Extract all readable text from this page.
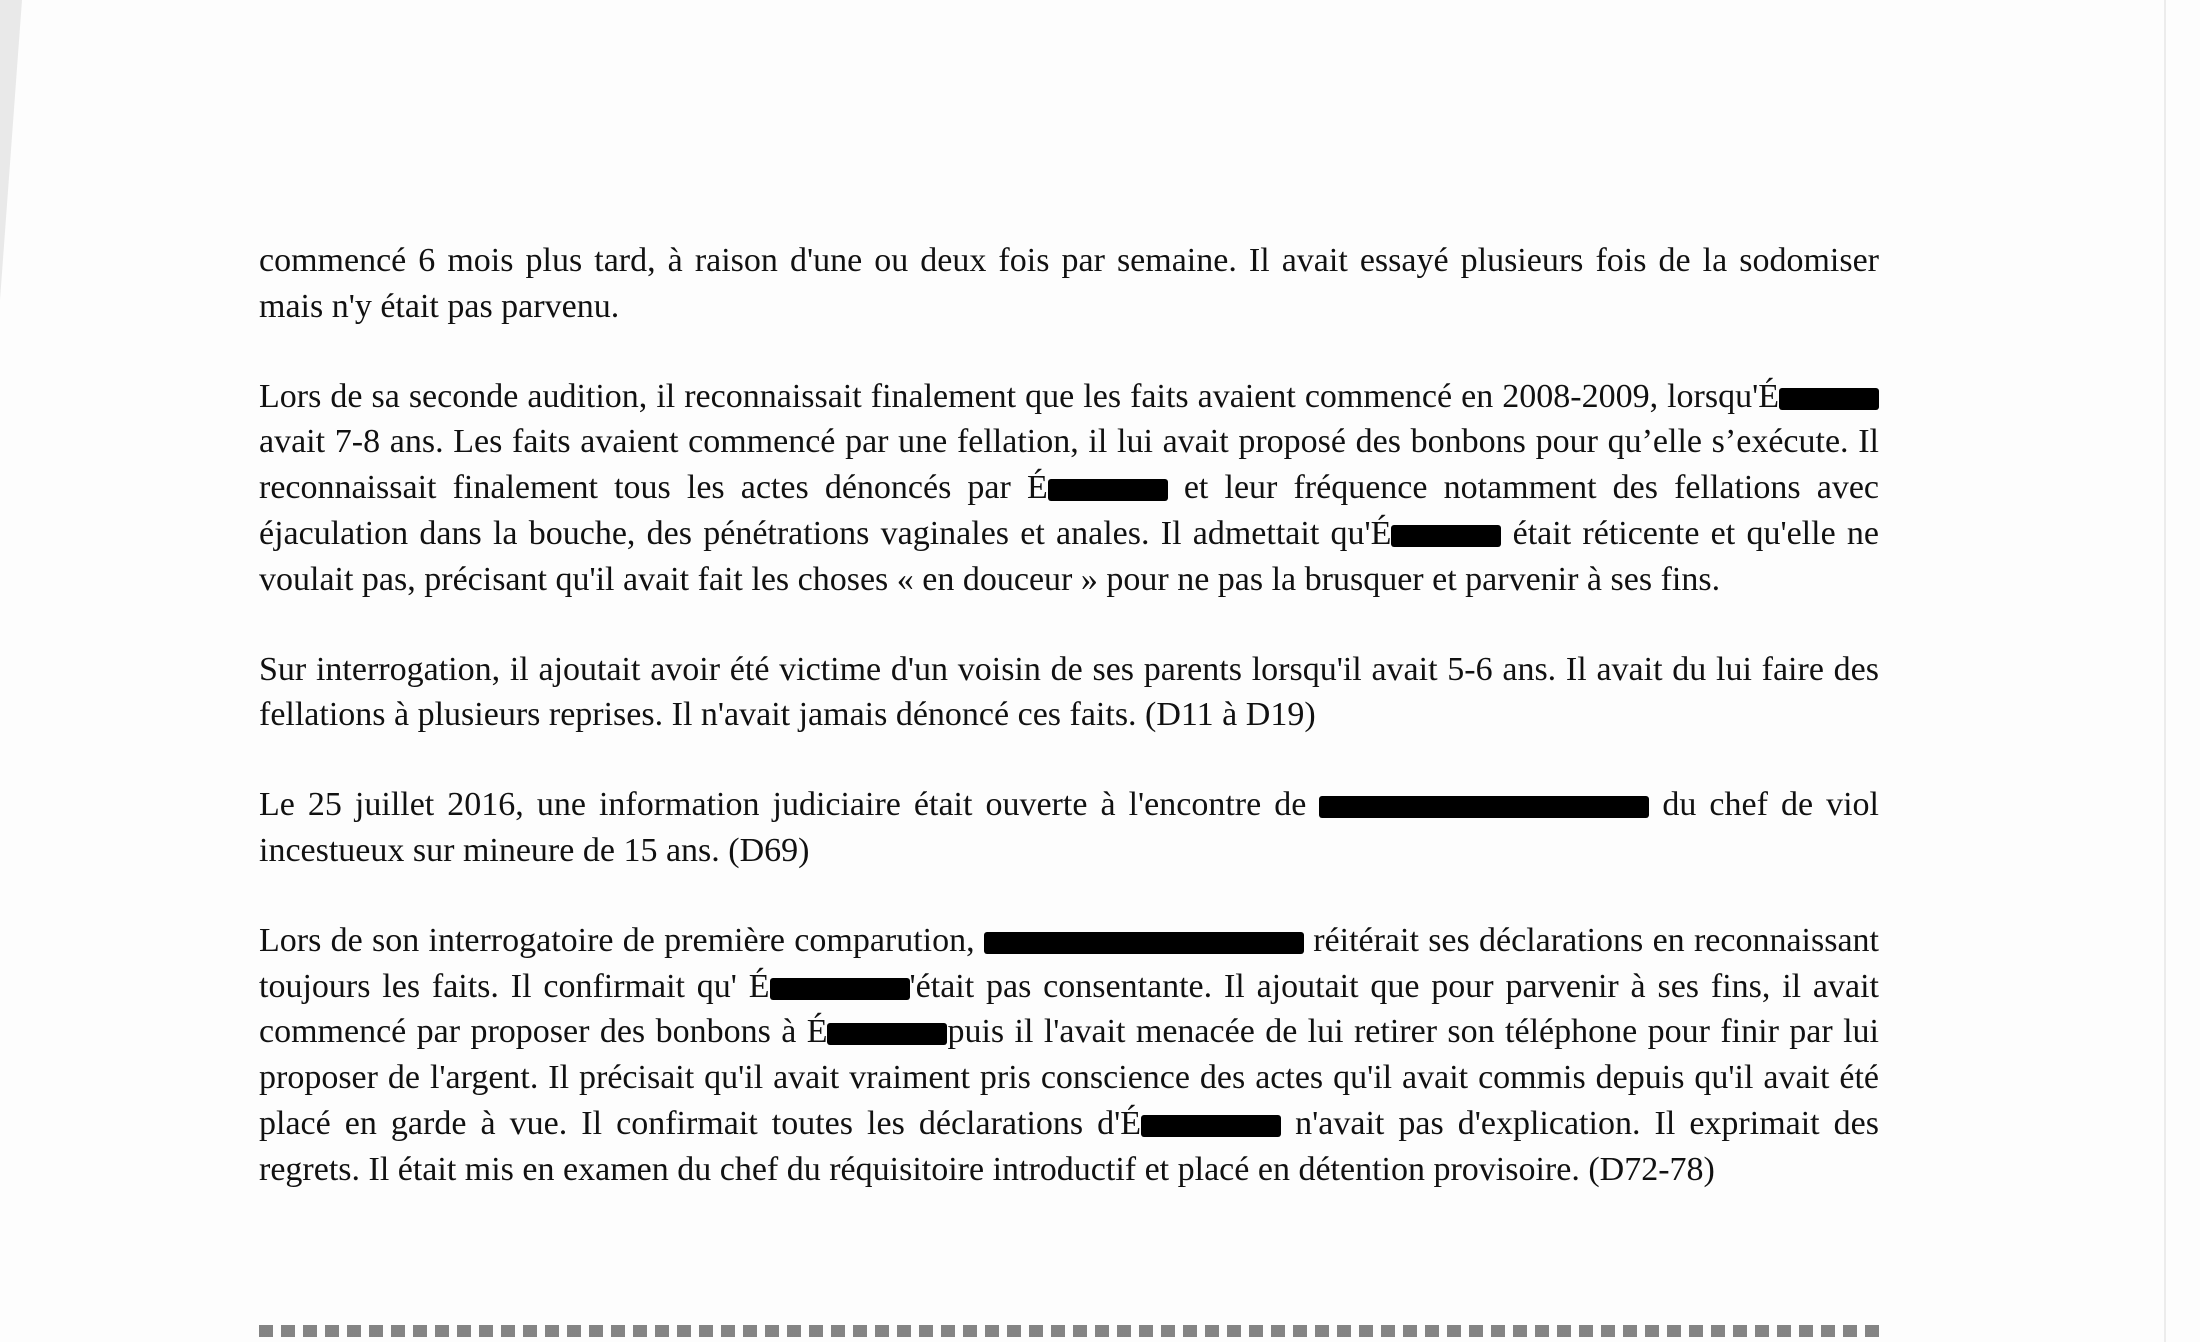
commencé 6 mois plus tard, à raison d'une ou deux fois par semaine. Il avait essayé plusieurs fois de la sodomiser mais n'y était pas parvenu.

Lors de sa seconde audition, il reconnaissait finalement que les faits avaient commencé en 2008-2009, lorsqu'É avait 7-8 ans. Les faits avaient commencé par une fellation, il lui avait proposé des bonbons pour qu’elle s’exécute. Il reconnaissait finalement tous les actes dénoncés par É	et leur fréquence notamment des fellations avec éjaculation dans la bouche, des pénétrations vaginales et anales. Il admettait qu'É	était réticente et qu'elle ne voulait pas, précisant qu'il avait fait les choses « en douceur » pour ne pas la brusquer et parvenir à ses fins.

Sur interrogation, il ajoutait avoir été victime d'un voisin de ses parents lorsqu'il avait 5-6 ans. Il avait du lui faire des fellations à plusieurs reprises. Il n'avait jamais dénoncé ces faits. (D11 à D19)

Le 25 juillet 2016, une information judiciaire était ouverte à l'encontre de	du chef de viol incestueux sur mineure de 15 ans. (D69)

Lors de son interrogatoire de première comparution,	réitérait ses déclarations en reconnaissant toujours les faits. Il confirmait qu' É	'était pas consentante. Il ajoutait que pour parvenir à ses fins, il avait commencé par proposer des bonbons à É	puis il l'avait menacée de lui retirer son téléphone pour finir par lui proposer de l'argent. Il précisait qu'il avait vraiment pris conscience des actes qu'il avait commis depuis qu'il avait été placé en garde à vue. Il confirmait toutes les déclarations d'É	n'avait pas d'explication. Il exprimait des regrets. Il était mis en examen du chef du réquisitoire introductif et placé en détention provisoire. (D72-78)
